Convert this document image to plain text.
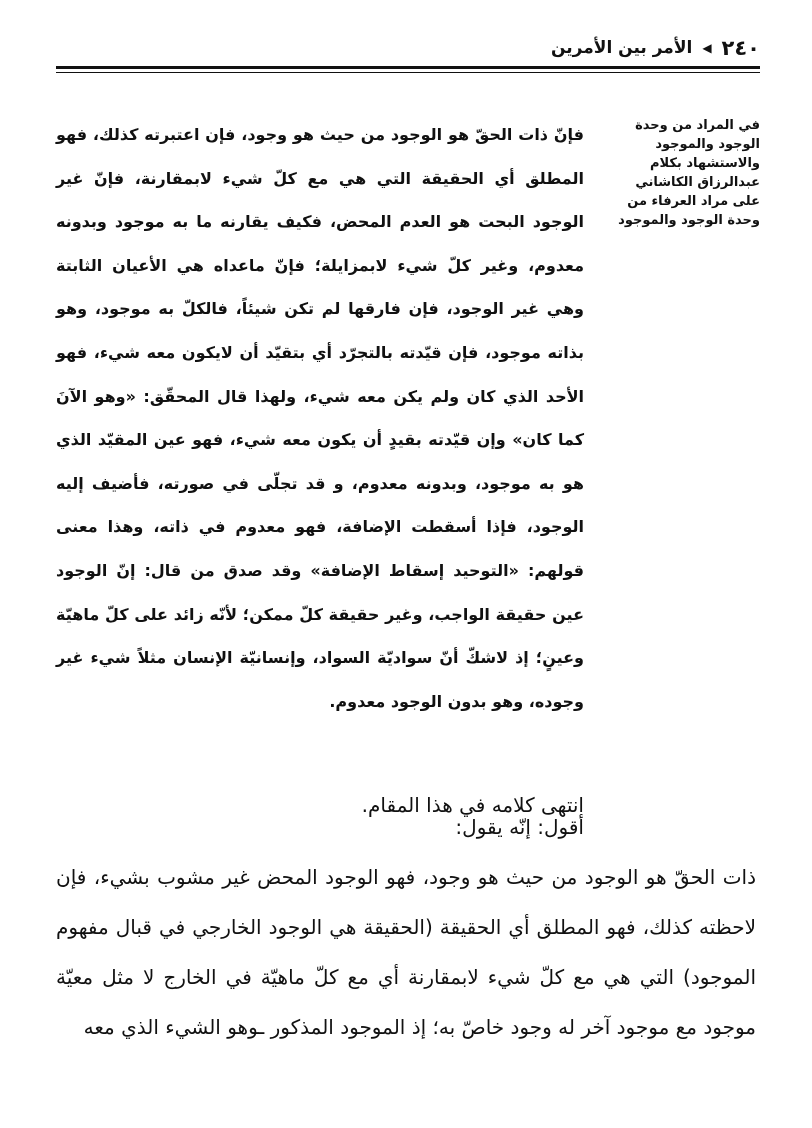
٢٤٠
◀
الأمر بين الأمرين
في المراد من وحدة الوجود والموجود والاستشهاد بكلام عبدالرزاق الكاشاني على مراد العرفاء من وحدة الوجود والموجود

فإنّ ذات الحقّ هو الوجود من حيث هو وجود، فإن اعتبرته كذلك، فهو المطلق أي الحقيقة التي هي مع كلّ شيء لابمقارنة، فإنّ غير الوجود البحت هو العدم المحض، فكيف يقارنه ما به موجود وبدونه معدوم، وغير كلّ شيء لابمزايلة؛ فإنّ ماعداه هي الأعيان الثابتة وهي غير الوجود، فإن فارقها لم تكن شيئاً، فالكلّ به موجود، وهو بذاته موجود، فإن قيّدته بالتجرّد أي بتقيّد أن لايكون معه شيء، فهو الأحد الذي كان ولم يكن معه شيء، ولهذا قال المحقّق: «وهو الآنَ كما كان» وإن قيّدته بقيدٍ أن يكون معه شيء، فهو عين المقيّد الذي هو به موجود، وبدونه معدوم، و قد تجلّى في صورته، فأضيف إليه الوجود، فإذا أسقطت الإضافة، فهو معدوم في ذاته، وهذا معنى قولهم: «التوحيد إسقاط الإضافة» وقد صدق من قال: إنّ الوجود عين حقيقة الواجب، وغير حقيقة كلّ ممكن؛ لأنّه زائد على كلّ ماهيّة وعينٍ؛ إذ لاشكّ أنّ سواديّة السواد، وإنسانيّة الإنسان مثلاً شيء غير وجوده، وهو بدون الوجود معدوم.

انتهى كلامه في هذا المقام.

أقول: إنّه يقول:

ذات الحقّ هو الوجود من حيث هو وجود، فهو الوجود المحض غير مشوب بشيء، فإن لاحظته كذلك، فهو المطلق أي الحقيقة (الحقيقة هي الوجود الخارجي في قبال مفهوم الموجود) التي هي مع كلّ شيء لابمقارنة أي مع كلّ ماهيّة في الخارج لا مثل معيّة موجود مع موجود آخر له وجود خاصّ به؛ إذ الموجود المذكور ـوهو الشيء الذي معه
